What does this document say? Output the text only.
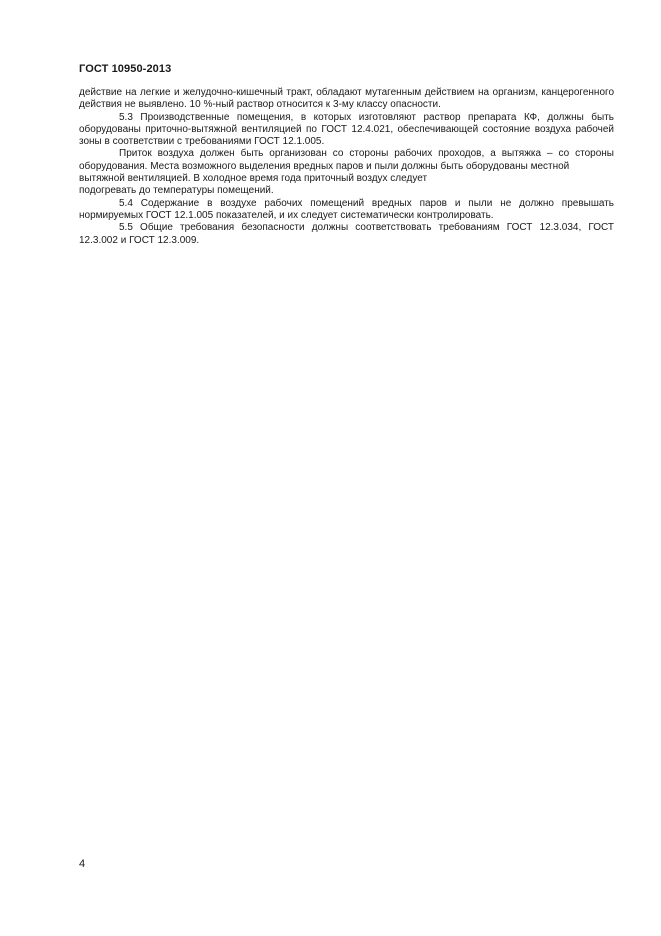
ГОСТ 10950-2013

действие на легкие и желудочно-кишечный тракт, обладают мутагенным действием на организм, канцерогенного действия не выявлено. 10 %-ный раствор относится к 3-му классу опасности.

5.3 Производственные помещения, в которых изготовляют раствор препарата КФ, должны быть оборудованы приточно-вытяжной вентиляцией по ГОСТ 12.4.021, обеспечивающей состояние воздуха рабочей зоны в соответствии с требованиями ГОСТ 12.1.005.

Приток воздуха должен быть организован со стороны рабочих проходов, а вытяжка – со стороны оборудования. Места возможного выделения вредных паров и пыли должны быть оборудованы местной

вытяжной вентиляцией. В холодное время года приточный воздух следует

подогревать до температуры помещений.

5.4 Содержание в воздухе рабочих помещений вредных паров и пыли не должно превышать нормируемых ГОСТ 12.1.005 показателей, и их следует систематически контролировать.

5.5 Общие требования безопасности должны соответствовать требованиям ГОСТ 12.3.034, ГОСТ 12.3.002 и ГОСТ 12.3.009.

4
